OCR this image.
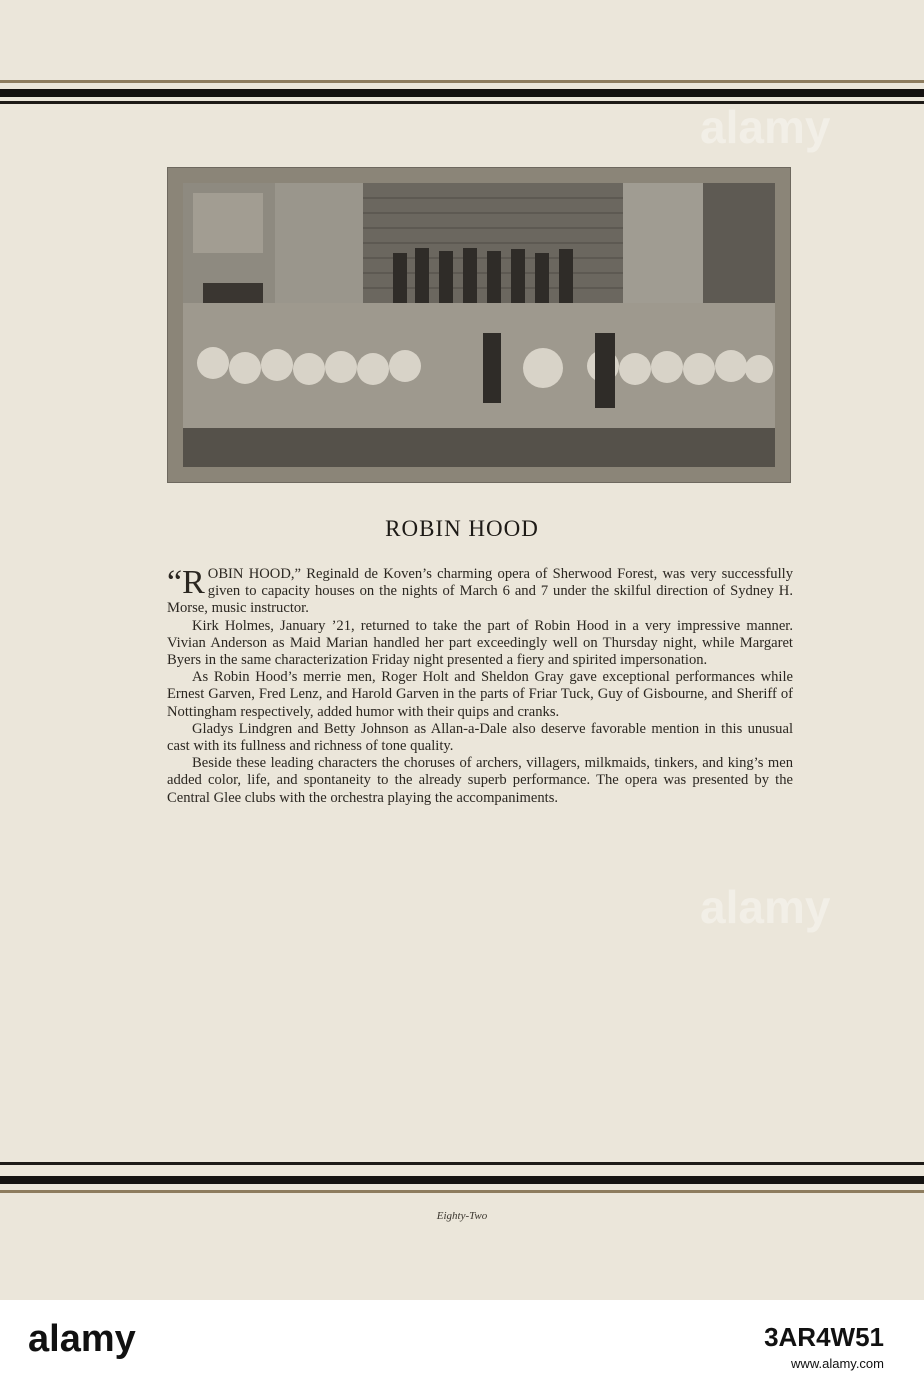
ROBIN HOOD

“ROBIN HOOD,” Reginald de Koven’s charming opera of Sherwood Forest, was very successfully given to capacity houses on the nights of March 6 and 7 under the skilful direction of Sydney H. Morse, music instructor.

Kirk Holmes, January ’21, returned to take the part of Robin Hood in a very impressive manner. Vivian Anderson as Maid Marian handled her part exceedingly well on Thursday night, while Margaret Byers in the same characterization Friday night presented a fiery and spirited impersonation.

As Robin Hood’s merrie men, Roger Holt and Sheldon Gray gave exceptional performances while Ernest Garven, Fred Lenz, and Harold Garven in the parts of Friar Tuck, Guy of Gisbourne, and Sheriff of Nottingham respectively, added humor with their quips and cranks.

Gladys Lindgren and Betty Johnson as Allan-a-Dale also deserve favorable mention in this unusual cast with its fullness and richness of tone quality.

Beside these leading characters the choruses of archers, villagers, milkmaids, tinkers, and king’s men added color, life, and spontaneity to the already superb performance. The opera was presented by the Central Glee clubs with the orchestra playing the accompaniments.

Eighty-Two
alamy
alamy
alamy	3AR4W51
www.alamy.com
